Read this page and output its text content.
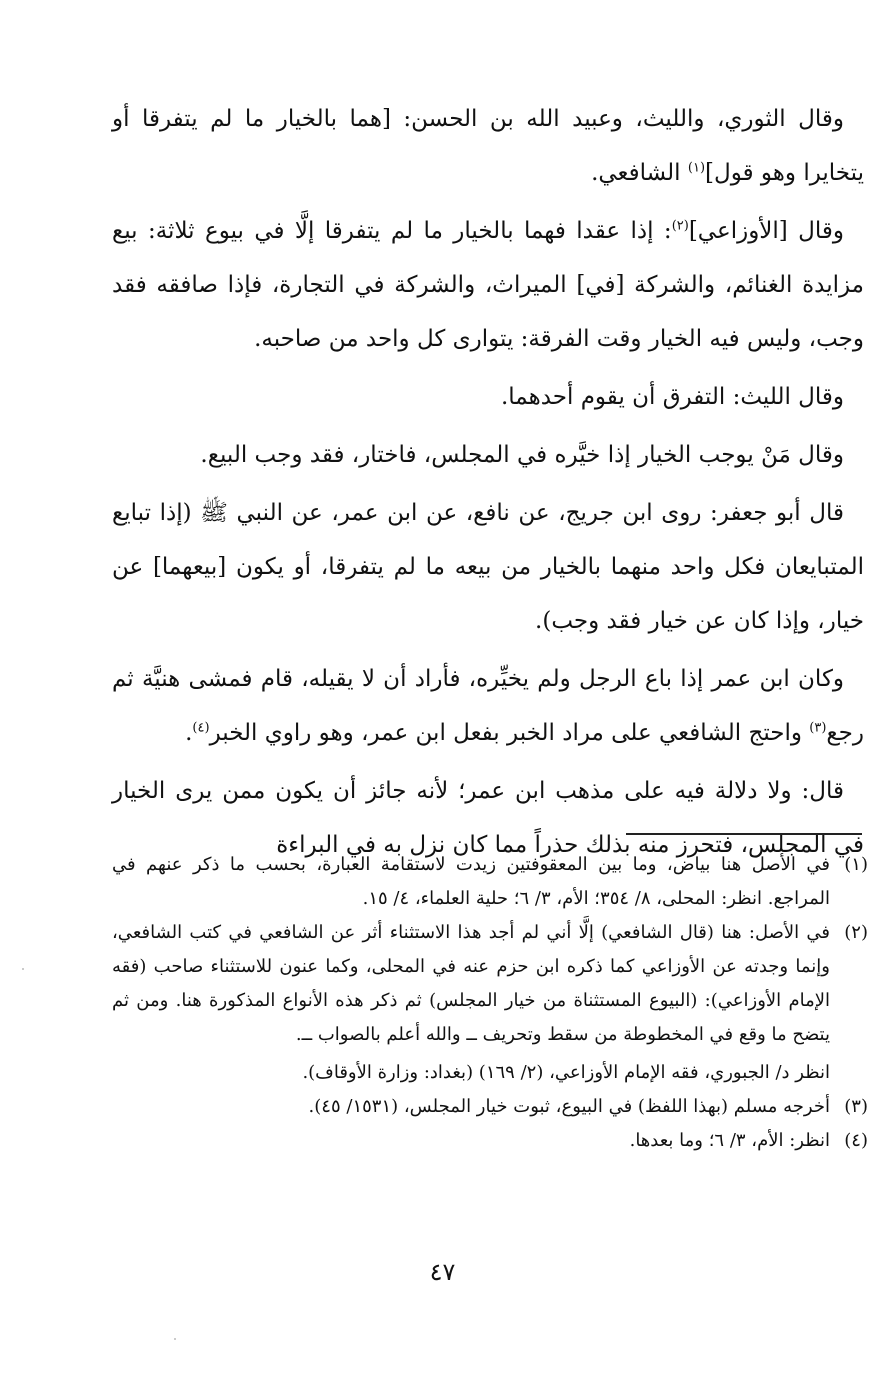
وقال الثوري، والليث، وعبيد الله بن الحسن: [هما بالخيار ما لم يتفرقا أو يتخايرا وهو قول]$^{(١)}$ الشافعي.

وقال [الأوزاعي]$^{(٢)}$: إذا عقدا فهما بالخيار ما لم يتفرقا إلَّا في بيوع ثلاثة: بيع مزايدة الغنائم، والشركة [في] الميراث، والشركة في التجارة، فإذا صافقه فقد وجب، وليس فيه الخيار وقت الفرقة: يتوارى كل واحد من صاحبه.

وقال الليث: التفرق أن يقوم أحدهما.

وقال مَنْ يوجب الخيار إذا خيَّره في المجلس، فاختار، فقد وجب البيع.

قال أبو جعفر: روى ابن جريج، عن نافع، عن ابن عمر، عن النبي ﷺ (إذا تبايع المتبايعان فكل واحد منهما بالخيار من بيعه ما لم يتفرقا، أو يكون [بيعهما] عن خيار، وإذا كان عن خيار فقد وجب).

وكان ابن عمر إذا باع الرجل ولم يخيِّره، فأراد أن لا يقيله، قام فمشى هنيَّة ثم رجع$^{(٣)}$ واحتج الشافعي على مراد الخبر بفعل ابن عمر، وهو راوي الخبر$^{(٤)}$.

قال: ولا دلالة فيه على مذهب ابن عمر؛ لأنه جائز أن يكون ممن يرى الخيار في المجلس، فتحرز منه بذلك حذراً مما كان نزل به في البراءة

(١)
في الأصل هنا بياض، وما بين المعقوفتين زيدت لاستقامة العبارة، بحسب ما ذكر عنهم في المراجع. انظر: المحلى، ٨/ ٣٥٤؛ الأم، ٣/ ٦؛ حلية العلماء، ٤/ ١٥.
(٢)
في الأصل: هنا (قال الشافعي) إلَّا أني لم أجد هذا الاستثناء أثر عن الشافعي في كتب الشافعي، وإنما وجدته عن الأوزاعي كما ذكره ابن حزم عنه في المحلى، وكما عنون للاستثناء صاحب (فقه الإمام الأوزاعي): (البيوع المستثناة من خيار المجلس) ثم ذكر هذه الأنواع المذكورة هنا. ومن ثم يتضح ما وقع في المخطوطة من سقط وتحريف ــ والله أعلم بالصواب ــ.
انظر د/ الجبوري، فقه الإمام الأوزاعي، (٢/ ١٦٩) (بغداد: وزارة الأوقاف).
(٣)
أخرجه مسلم (بهذا اللفظ) في البيوع، ثبوت خيار المجلس، (١٥٣١/ ٤٥).
(٤)
انظر: الأم، ٣/ ٦؛ وما بعدها.
٤٧
